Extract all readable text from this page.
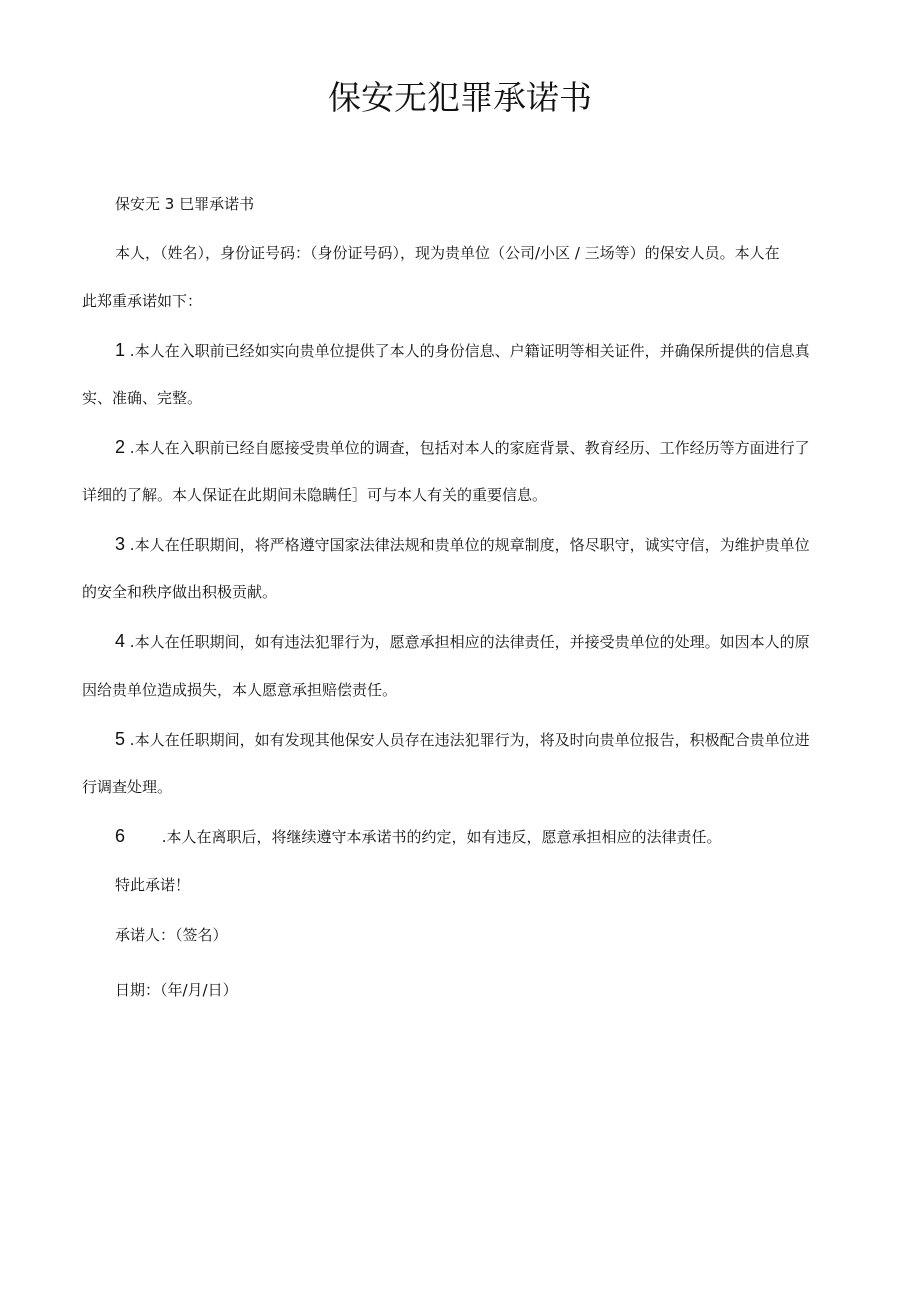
保安无犯罪承诺书
保安无 3 巳罪承诺书
本人，（姓名），身份证号码：（身份证号码），现为贵单位（公司/小区 / 三场等）的保安人员。本人在
此郑重承诺如下：
1 .本人在入职前已经如实向贵单位提供了本人的身份信息、户籍证明等相关证件，并确保所提供的信息真
实、准确、完整。
2 .本人在入职前已经自愿接受贵单位的调查，包括对本人的家庭背景、教育经历、工作经历等方面进行了
详细的了解。本人保证在此期间未隐瞒任］可与本人有关的重要信息。
3 .本人在任职期间，将严格遵守国家法律法规和贵单位的规章制度，恪尽职守，诚实守信，为维护贵单位
的安全和秩序做出积极贡献。
4 .本人在任职期间，如有违法犯罪行为，愿意承担相应的法律责任，并接受贵单位的处理。如因本人的原
因给贵单位造成损失，本人愿意承担赔偿责任。
5 .本人在任职期间，如有发现其他保安人员存在违法犯罪行为，将及时向贵单位报告，积极配合贵单位进
行调查处理。
6 .本人在离职后，将继续遵守本承诺书的约定，如有违反，愿意承担相应的法律责任。
特此承诺！
承诺人：（签名）
日期：（年/月/日）
